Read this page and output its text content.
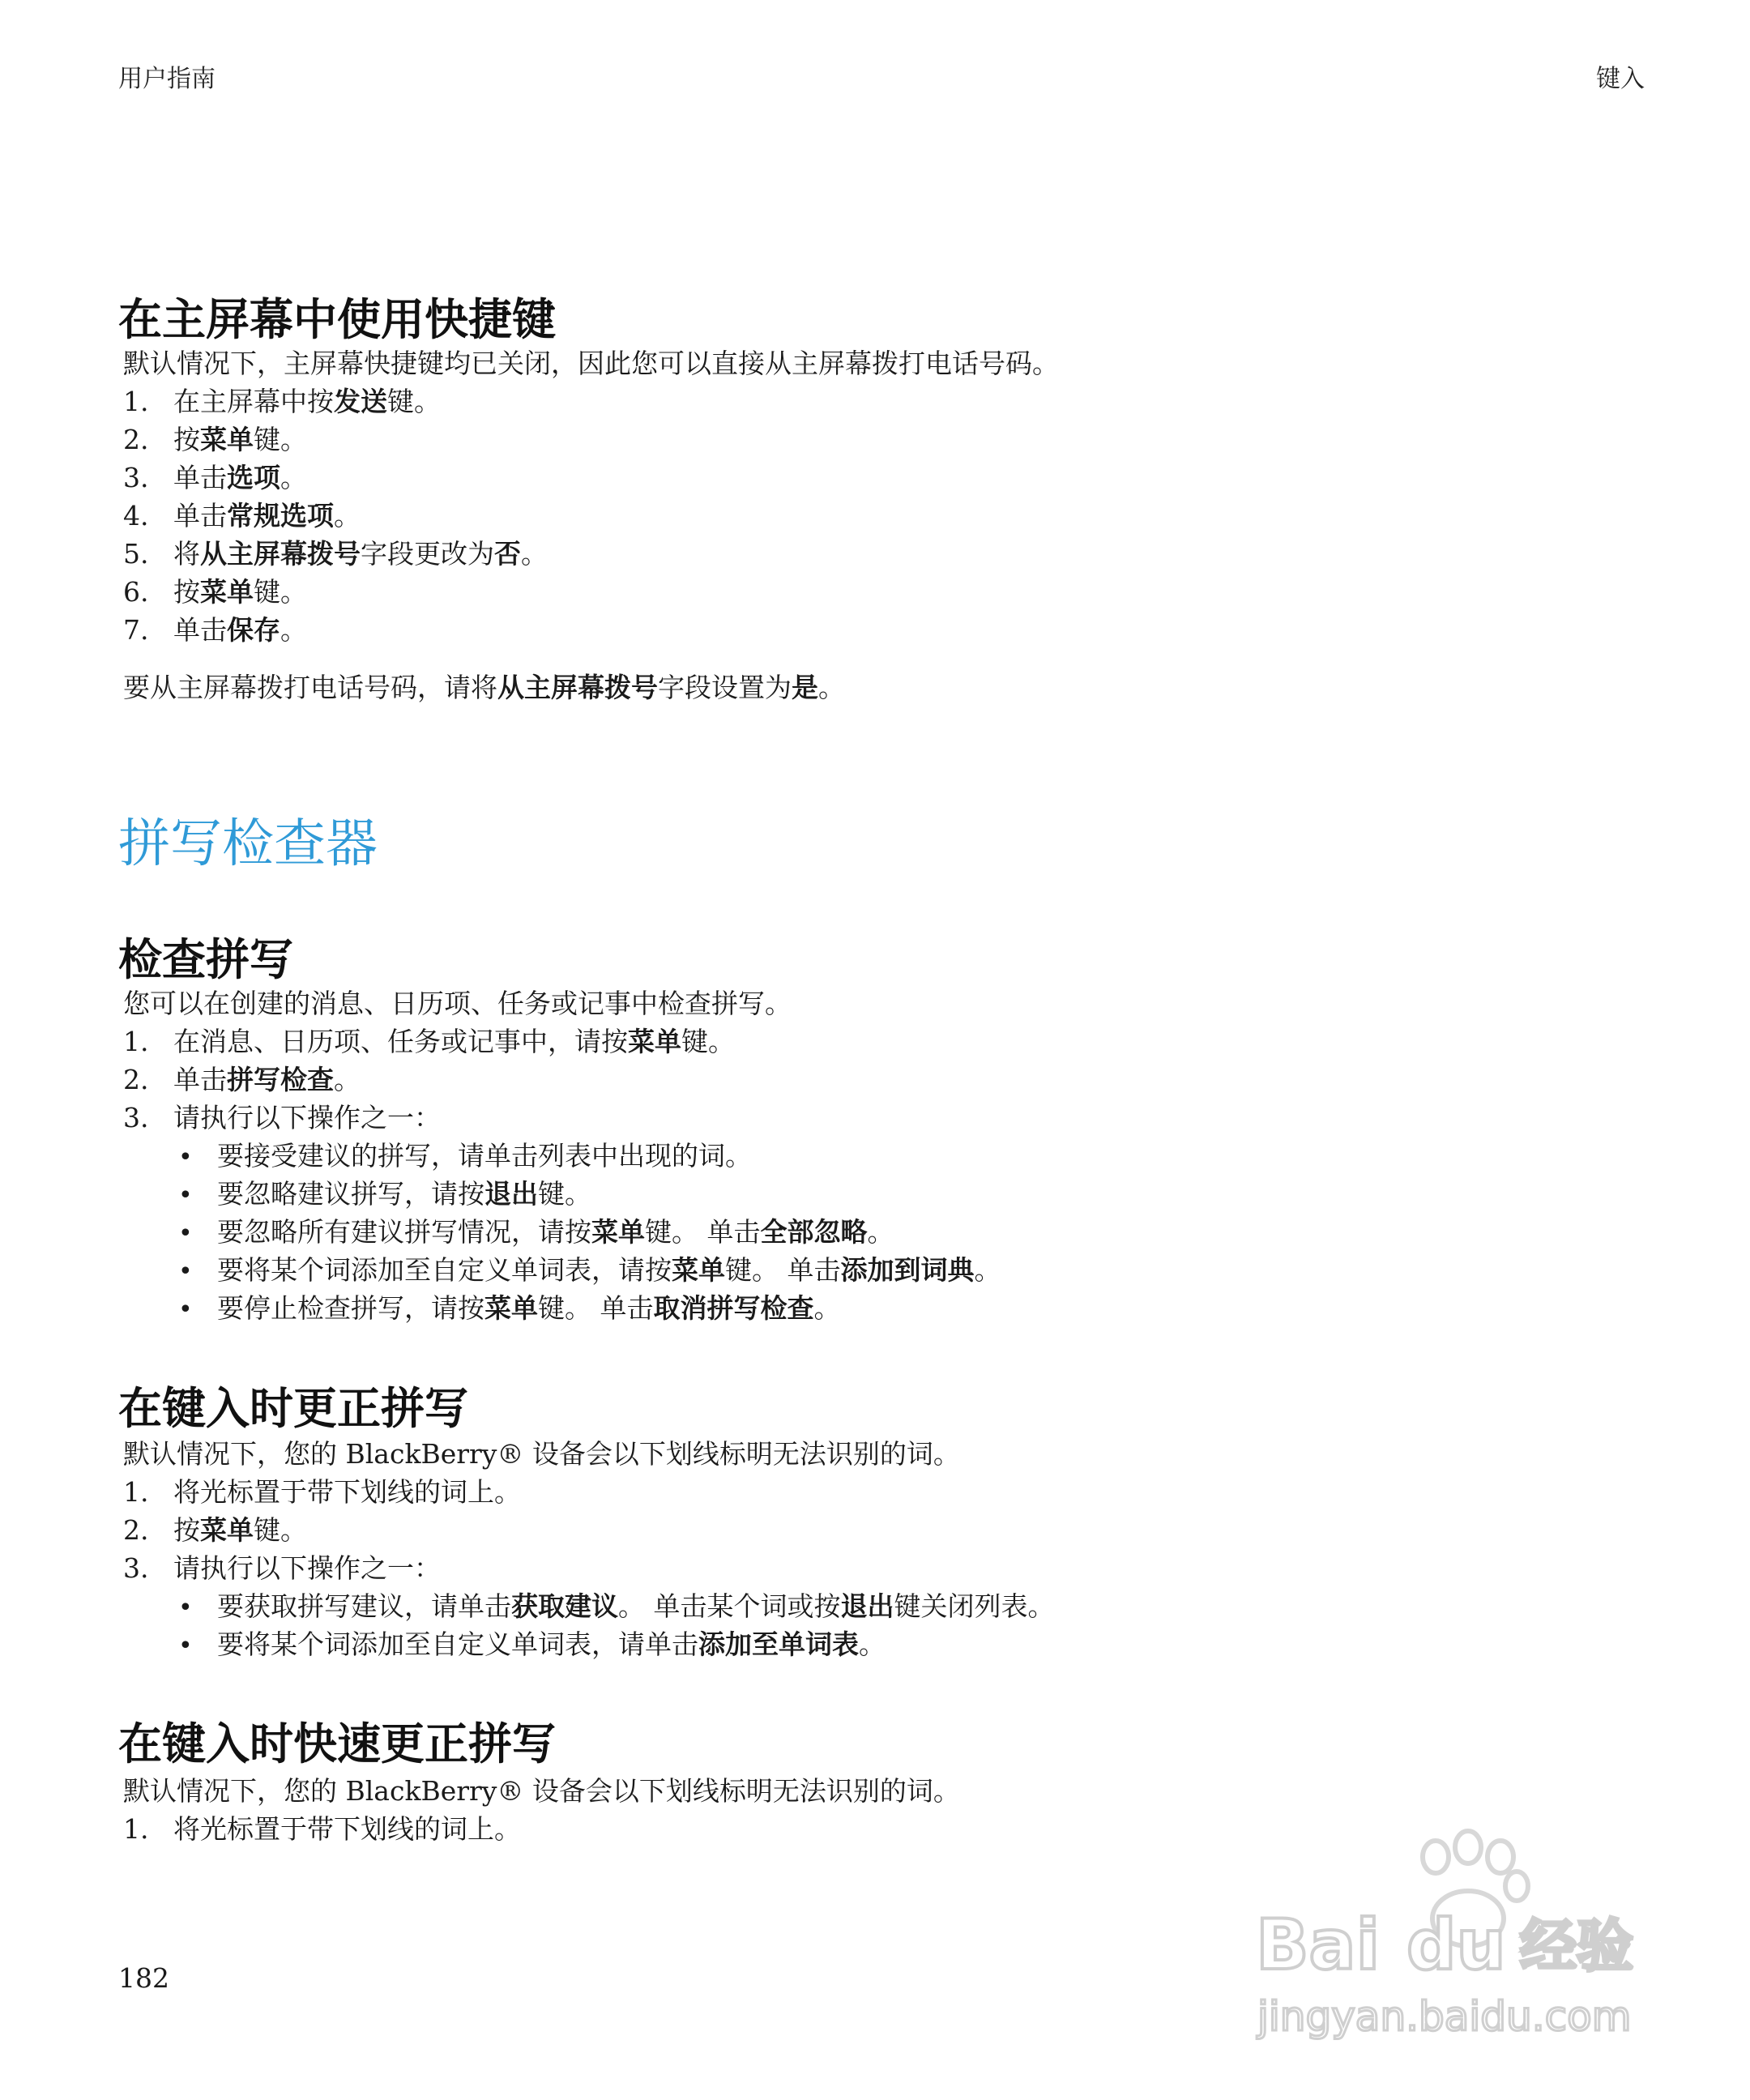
用户指南	键入
在主屏幕中使用快捷键

默认情况下，主屏幕快捷键均已关闭，因此您可以直接从主屏幕拨打电话号码。

1. 在主屏幕中按发送键。
2. 按菜单键。
3. 单击选项。
4. 单击常规选项。
5. 将从主屏幕拨号字段更改为否。
6. 按菜单键。
7. 单击保存。

要从主屏幕拨打电话号码，请将从主屏幕拨号字段设置为是。

拼写检查器
检查拼写

您可以在创建的消息、日历项、任务或记事中检查拼写。

1. 在消息、日历项、任务或记事中，请按菜单键。
2. 单击拼写检查。
3. 请执行以下操作之一：
• 要接受建议的拼写，请单击列表中出现的词。
• 要忽略建议拼写，请按退出键。
• 要忽略所有建议拼写情况，请按菜单键。 单击全部忽略。
• 要将某个词添加至自定义单词表，请按菜单键。 单击添加到词典。
• 要停止检查拼写，请按菜单键。 单击取消拼写检查。
在键入时更正拼写

默认情况下，您的 BlackBerry® 设备会以下划线标明无法识别的词。

1. 将光标置于带下划线的词上。
2. 按菜单键。
3. 请执行以下操作之一：
• 要获取拼写建议，请单击获取建议。 单击某个词或按退出键关闭列表。
• 要将某个词添加至自定义单词表，请单击添加至单词表。
在键入时快速更正拼写

默认情况下，您的 BlackBerry® 设备会以下划线标明无法识别的词。

1. 将光标置于带下划线的词上。
182	Bai du 经验
jingyan.baidu.com
